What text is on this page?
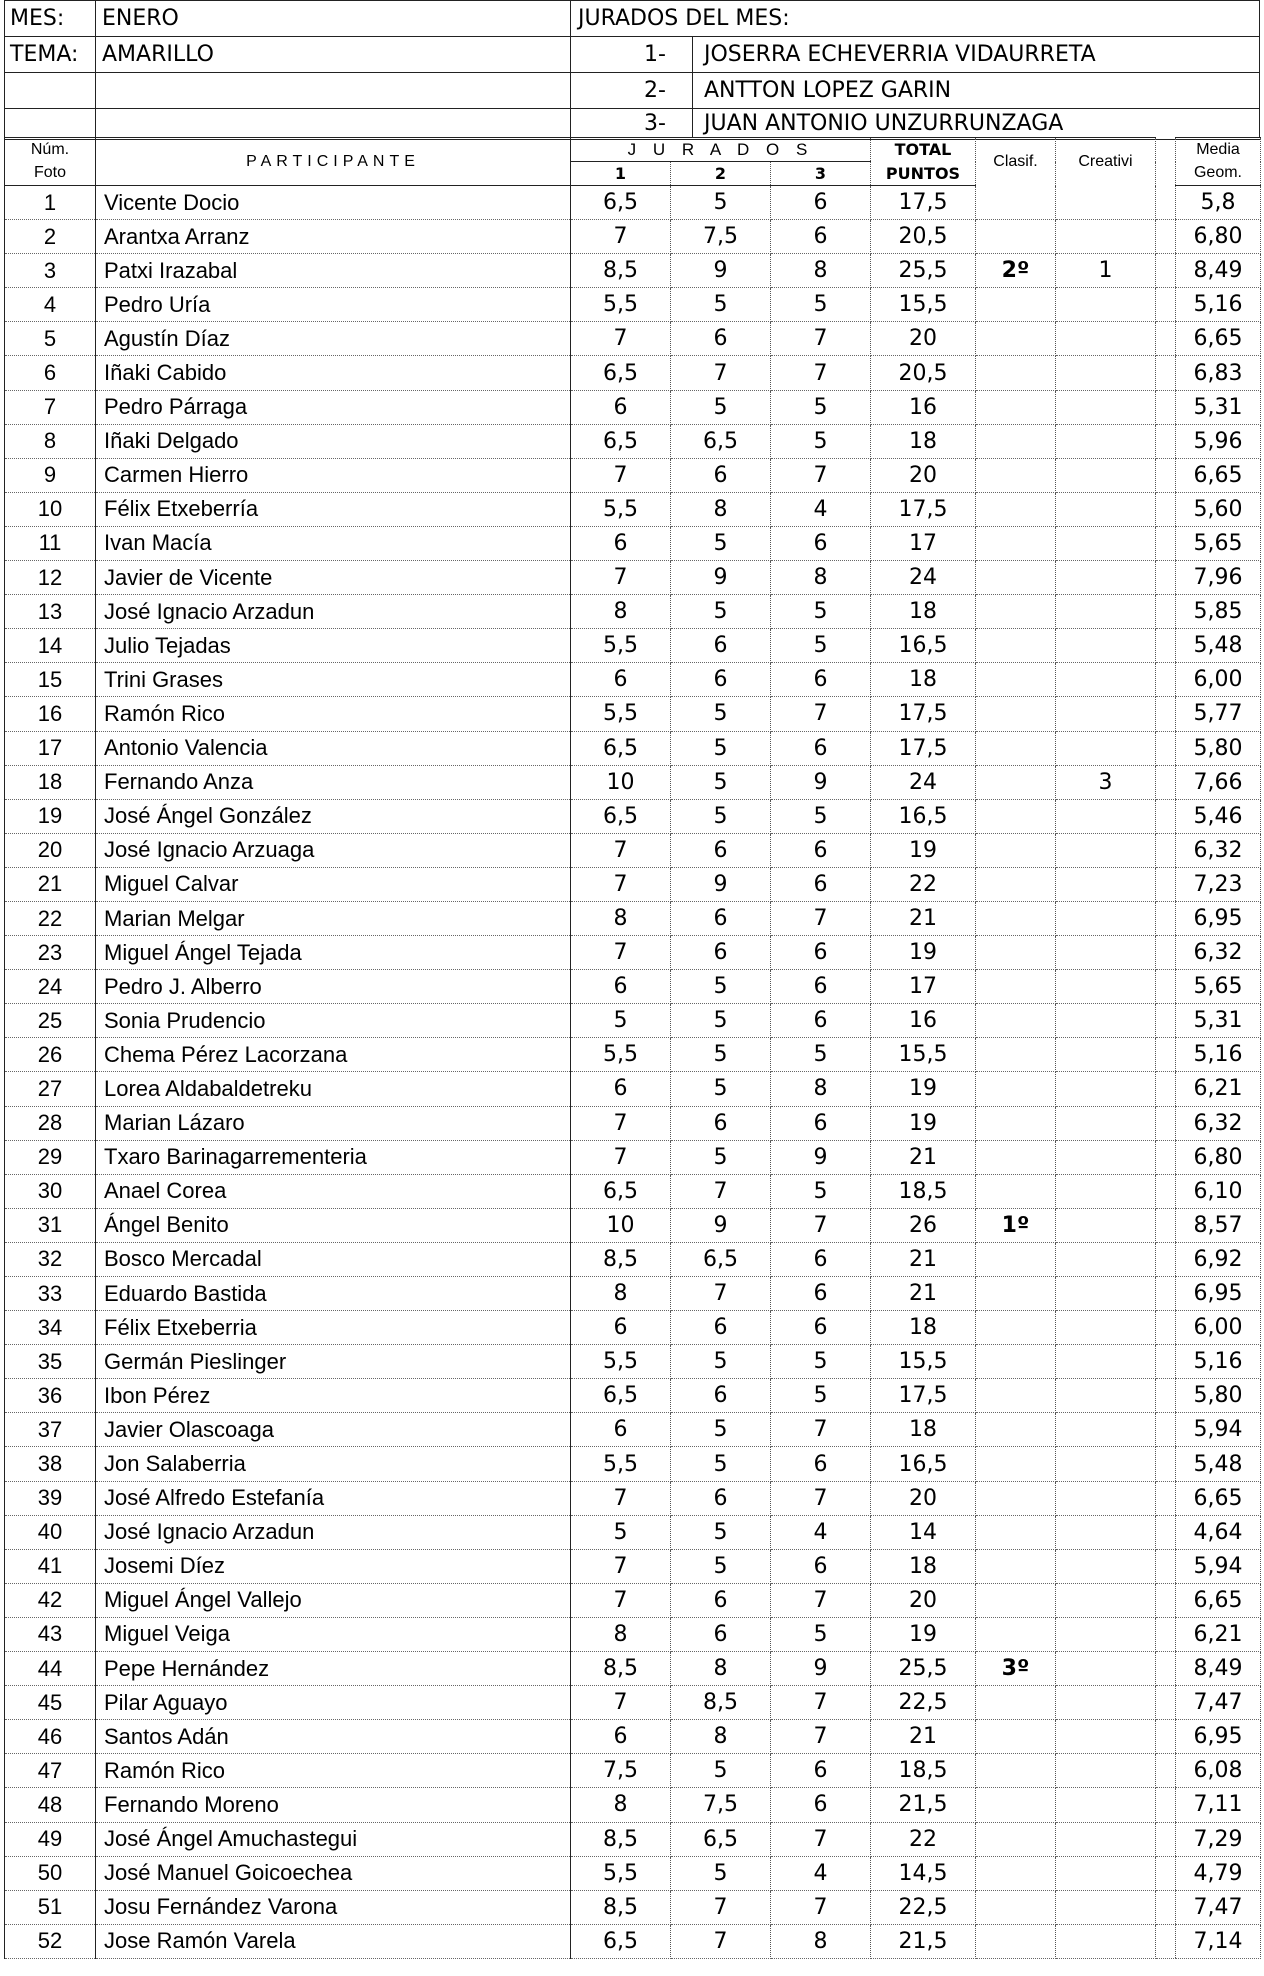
MES: ENERO	JURADOS DEL MES:
TEMA: AMARILLO	1- JOSERRA ECHEVERRIA VIDAURRETA
2- ANTTON LOPEZ GARIN
3- JUAN ANTONIO UNZURRUNZAGA
Núm.	PARTICIPANTE	J U R A D O S			TOTAL	Clasif.	Creativi		Media
Foto		1	2	3	PUNTOS				Geom.
1	Vicente Docio	6,5	5	6	17,5				5,8
2	Arantxa Arranz	7	7,5	6	20,5				6,80
3	Patxi Irazabal	8,5	9	8	25,5	2º	1		8,49
4	Pedro Uría	5,5	5	5	15,5				5,16
5	Agustín Díaz	7	6	7	20				6,65
6	Iñaki Cabido	6,5	7	7	20,5				6,83
7	Pedro Párraga	6	5	5	16				5,31
8	Iñaki Delgado	6,5	6,5	5	18				5,96
9	Carmen Hierro	7	6	7	20				6,65
10	Félix Etxeberría	5,5	8	4	17,5				5,60
11	Ivan Macía	6	5	6	17				5,65
12	Javier de Vicente	7	9	8	24				7,96
13	José Ignacio Arzadun	8	5	5	18				5,85
14	Julio Tejadas	5,5	6	5	16,5				5,48
15	Trini Grases	6	6	6	18				6,00
16	Ramón Rico	5,5	5	7	17,5				5,77
17	Antonio Valencia	6,5	5	6	17,5				5,80
18	Fernando Anza	10	5	9	24		3		7,66
19	José Ángel González	6,5	5	5	16,5				5,46
20	José Ignacio Arzuaga	7	6	6	19				6,32
21	Miguel Calvar	7	9	6	22				7,23
22	Marian Melgar	8	6	7	21				6,95
23	Miguel Ángel Tejada	7	6	6	19				6,32
24	Pedro J. Alberro	6	5	6	17				5,65
25	Sonia Prudencio	5	5	6	16				5,31
26	Chema Pérez Lacorzana	5,5	5	5	15,5				5,16
27	Lorea Aldabaldetreku	6	5	8	19				6,21
28	Marian Lázaro	7	6	6	19				6,32
29	Txaro Barinagarrementeria	7	5	9	21				6,80
30	Anael Corea	6,5	7	5	18,5				6,10
31	Ángel Benito	10	9	7	26	1º			8,57
32	Bosco Mercadal	8,5	6,5	6	21				6,92
33	Eduardo Bastida	8	7	6	21				6,95
34	Félix Etxeberria	6	6	6	18				6,00
35	Germán Pieslinger	5,5	5	5	15,5				5,16
36	Ibon Pérez	6,5	6	5	17,5				5,80
37	Javier Olascoaga	6	5	7	18				5,94
38	Jon Salaberria	5,5	5	6	16,5				5,48
39	José Alfredo Estefanía	7	6	7	20				6,65
40	José Ignacio Arzadun	5	5	4	14				4,64
41	Josemi Díez	7	5	6	18				5,94
42	Miguel Ángel Vallejo	7	6	7	20				6,65
43	Miguel Veiga	8	6	5	19				6,21
44	Pepe Hernández	8,5	8	9	25,5	3º			8,49
45	Pilar Aguayo	7	8,5	7	22,5				7,47
46	Santos Adán	6	8	7	21				6,95
47	Ramón Rico	7,5	5	6	18,5				6,08
48	Fernando Moreno	8	7,5	6	21,5				7,11
49	José Ángel Amuchastegui	8,5	6,5	7	22				7,29
50	José Manuel Goicoechea	5,5	5	4	14,5				4,79
51	Josu Fernández Varona	8,5	7	7	22,5				7,47
52	Jose Ramón Varela	6,5	7	8	21,5				7,14
